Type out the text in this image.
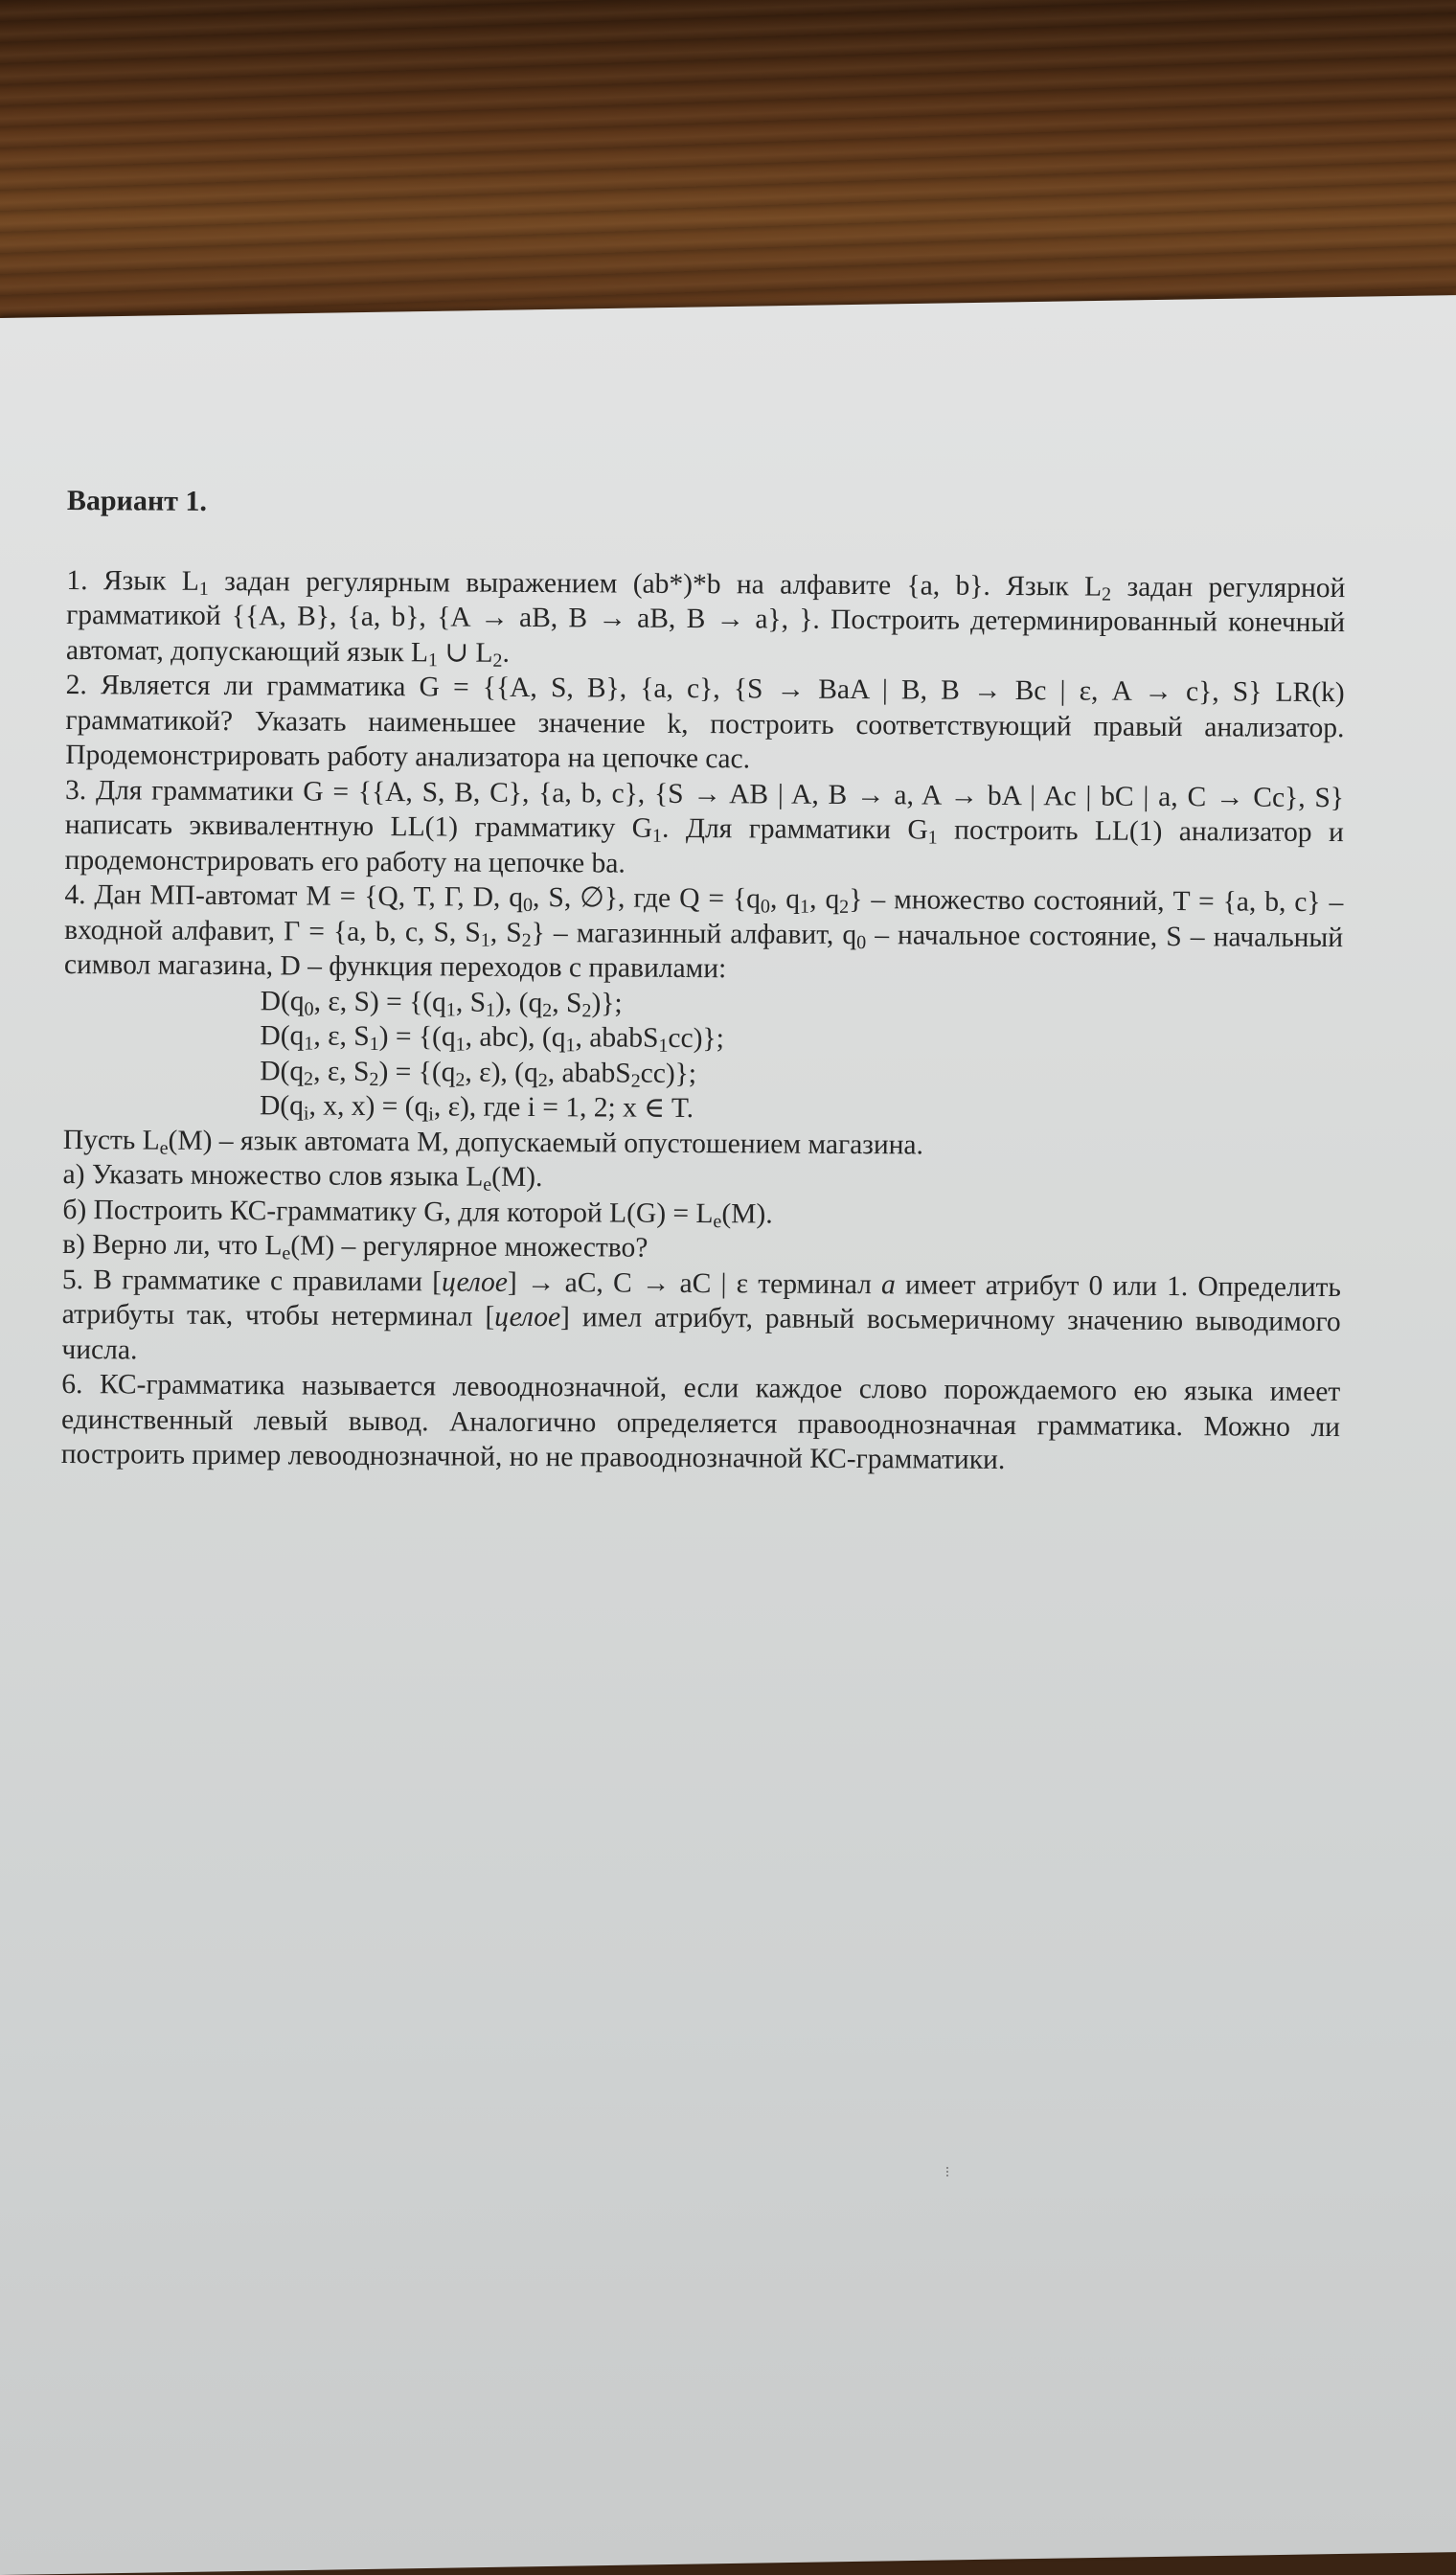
Вариант 1.

1. Язык $L_1$ задан регулярным выражением (ab*)*b на алфавите {a, b}. Язык $L_2$ задан регулярной грамматикой {{A, B}, {a, b}, {A → aB, B → aB, B → a}, }. Построить детерминированный конечный автомат, допускающий язык $L_1$ ∪ $L_2$.

2. Является ли грамматика G = {{A, S, B}, {a, c}, {S → BaA | B, B → Bc | ε, A → c}, S} LR(k) грамматикой? Указать наименьшее значение k, построить соответствующий правый анализатор. Продемонстрировать работу анализатора на цепочке cac.

3. Для грамматики G = {{A, S, B, C}, {a, b, c}, {S → AB | A, B → a, A → bA | Ac | bC | a, C → Cc}, S} написать эквивалентную LL(1) грамматику $G_1$. Для грамматики $G_1$ построить LL(1) анализатор и продемонстрировать его работу на цепочке ba.

4. Дан МП-автомат M = {Q, T, Γ, D, $q_0$, S, ∅}, где $Q = \{q_0$, $q_1$, $q_2$} – множество состояний, T = {a, b, c} – входной алфавит, Γ = {a, b, c, S, $S_1$, $S_2$} – магазинный алфавит, $q_0$ – начальное состояние, S – начальный символ магазина, D – функция переходов с правилами:

$D(q_0$, ε, $S) = \{(q_1$, $S_1$), ($q_2$, $S_2$)};

$D(q_1$, ε, $S_1) = \{(q_1$, abc), ($q_1$, ababS$_1$cc)};

$D(q_2$, ε, $S_2) = \{(q_2$, ε), ($q_2$, ababS$_2$cc)};

$D(q_i$, x, $x) = (q_i$, ε), где i = 1, 2; x ∈ T.

Пусть $L_e(M)$ – язык автомата M, допускаемый опустошением магазина.

а) Указать множество слов языка $L_e(M)$.

б) Построить КС-грамматику G, для которой $L(G) = L_e(M)$.

в) Верно ли, что $L_e(M)$ – регулярное множество?

5. В грамматике с правилами [целое] → aC, C → aC | ε терминал a имеет атрибут 0 или 1. Определить атрибуты так, чтобы нетерминал [целое] имел атрибут, равный восьмеричному значению выводимого числа.

6. КС-грамматика называется левооднозначной, если каждое слово порождаемого ею языка имеет единственный левый вывод. Аналогично определяется правооднозначная грамматика. Можно ли построить пример левооднозначной, но не правооднозначной КС-грамматики.
